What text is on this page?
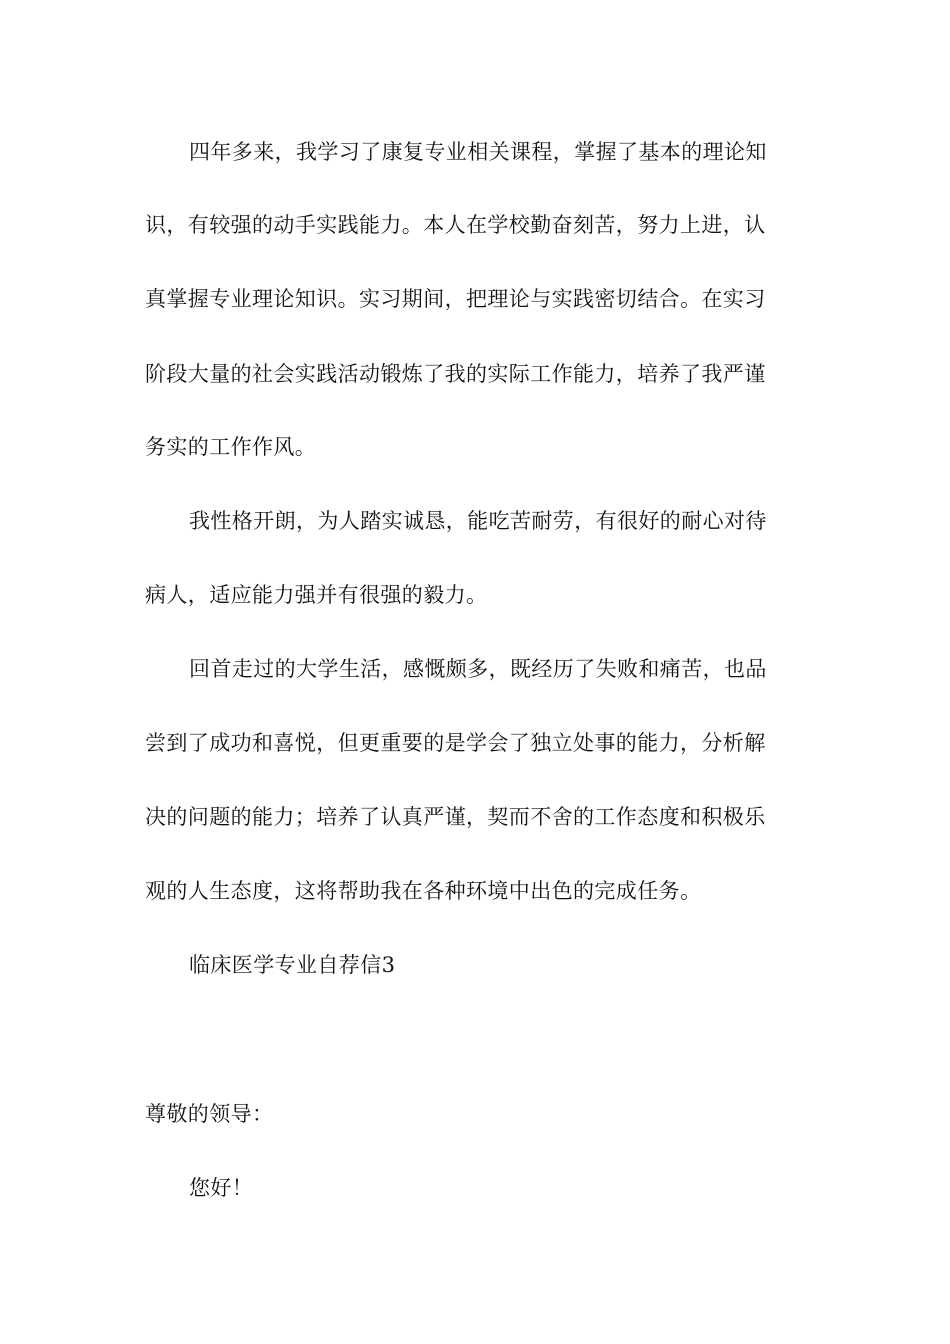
四年多来，我学习了康复专业相关课程，掌握了基本的理论知
识，有较强的动手实践能力。本人在学校勤奋刻苦，努力上进，认
真掌握专业理论知识。实习期间，把理论与实践密切结合。在实习
阶段大量的社会实践活动锻炼了我的实际工作能力，培养了我严谨
务实的工作作风。
我性格开朗，为人踏实诚恳，能吃苦耐劳，有很好的耐心对待
病人，适应能力强并有很强的毅力。
回首走过的大学生活，感慨颇多，既经历了失败和痛苦，也品
尝到了成功和喜悦，但更重要的是学会了独立处事的能力，分析解
决的问题的能力；培养了认真严谨，契而不舍的工作态度和积极乐
观的人生态度，这将帮助我在各种环境中出色的完成任务。
临床医学专业自荐信3
尊敬的领导：
您好！
